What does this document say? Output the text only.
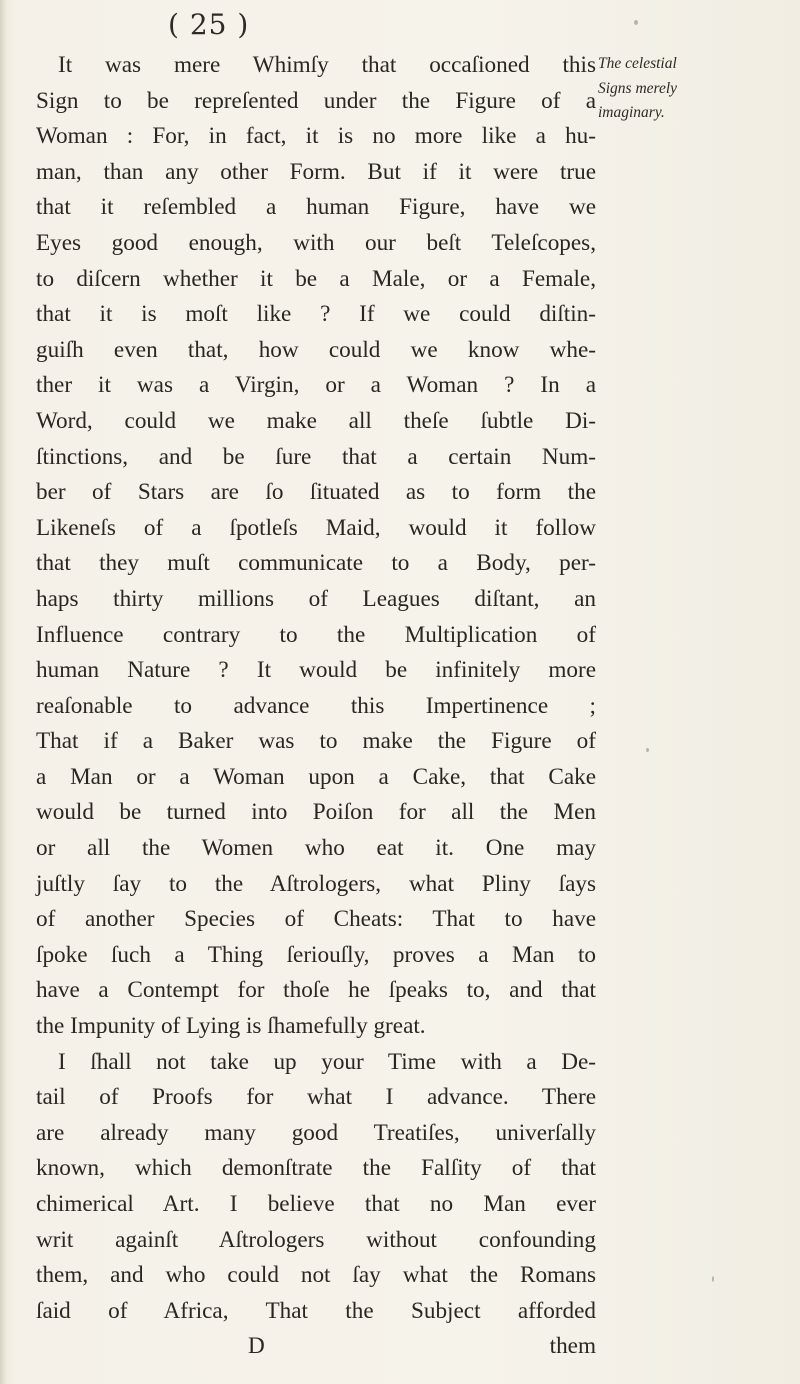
( 25 )
It was mere Whimſy that occaſioned this
Sign to be repreſented under the Figure of a
Woman : For, in fact, it is no more like a hu-
man, than any other Form. But if it were true
that it reſembled a human Figure, have we
Eyes good enough, with our beſt Teleſcopes,
to diſcern whether it be a Male, or a Female,
that it is moſt like ? If we could diſtin-
guiſh even that, how could we know whe-
ther it was a Virgin, or a Woman ? In a
Word, could we make all theſe ſubtle Di-
ſtinctions, and be ſure that a certain Num-
ber of Stars are ſo ſituated as to form the
Likeneſs of a ſpotleſs Maid, would it follow
that they muſt communicate to a Body, per-
haps thirty millions of Leagues diſtant, an
Influence contrary to the Multiplication of
human Nature ? It would be infinitely more
reaſonable to advance this Impertinence ;
That if a Baker was to make the Figure of
a Man or a Woman upon a Cake, that Cake
would be turned into Poiſon for all the Men
or all the Women who eat it. One may
juſtly ſay to the Aſtrologers, what Pliny ſays
of another Species of Cheats: That to have
ſpoke ſuch a Thing ſeriouſly, proves a Man to
have a Contempt for thoſe he ſpeaks to, and that
the Impunity of Lying is ſhamefully great.
I ſhall not take up your Time with a De-
tail of Proofs for what I advance. There
are already many good Treatiſes, univerſally
known, which demonſtrate the Falſity of that
chimerical Art. I believe that no Man ever
writ againſt Aſtrologers without confounding
them, and who could not ſay what the Romans
ſaid of Africa, That the Subject afforded
D	them
The celestial
Signs merely
imaginary.
